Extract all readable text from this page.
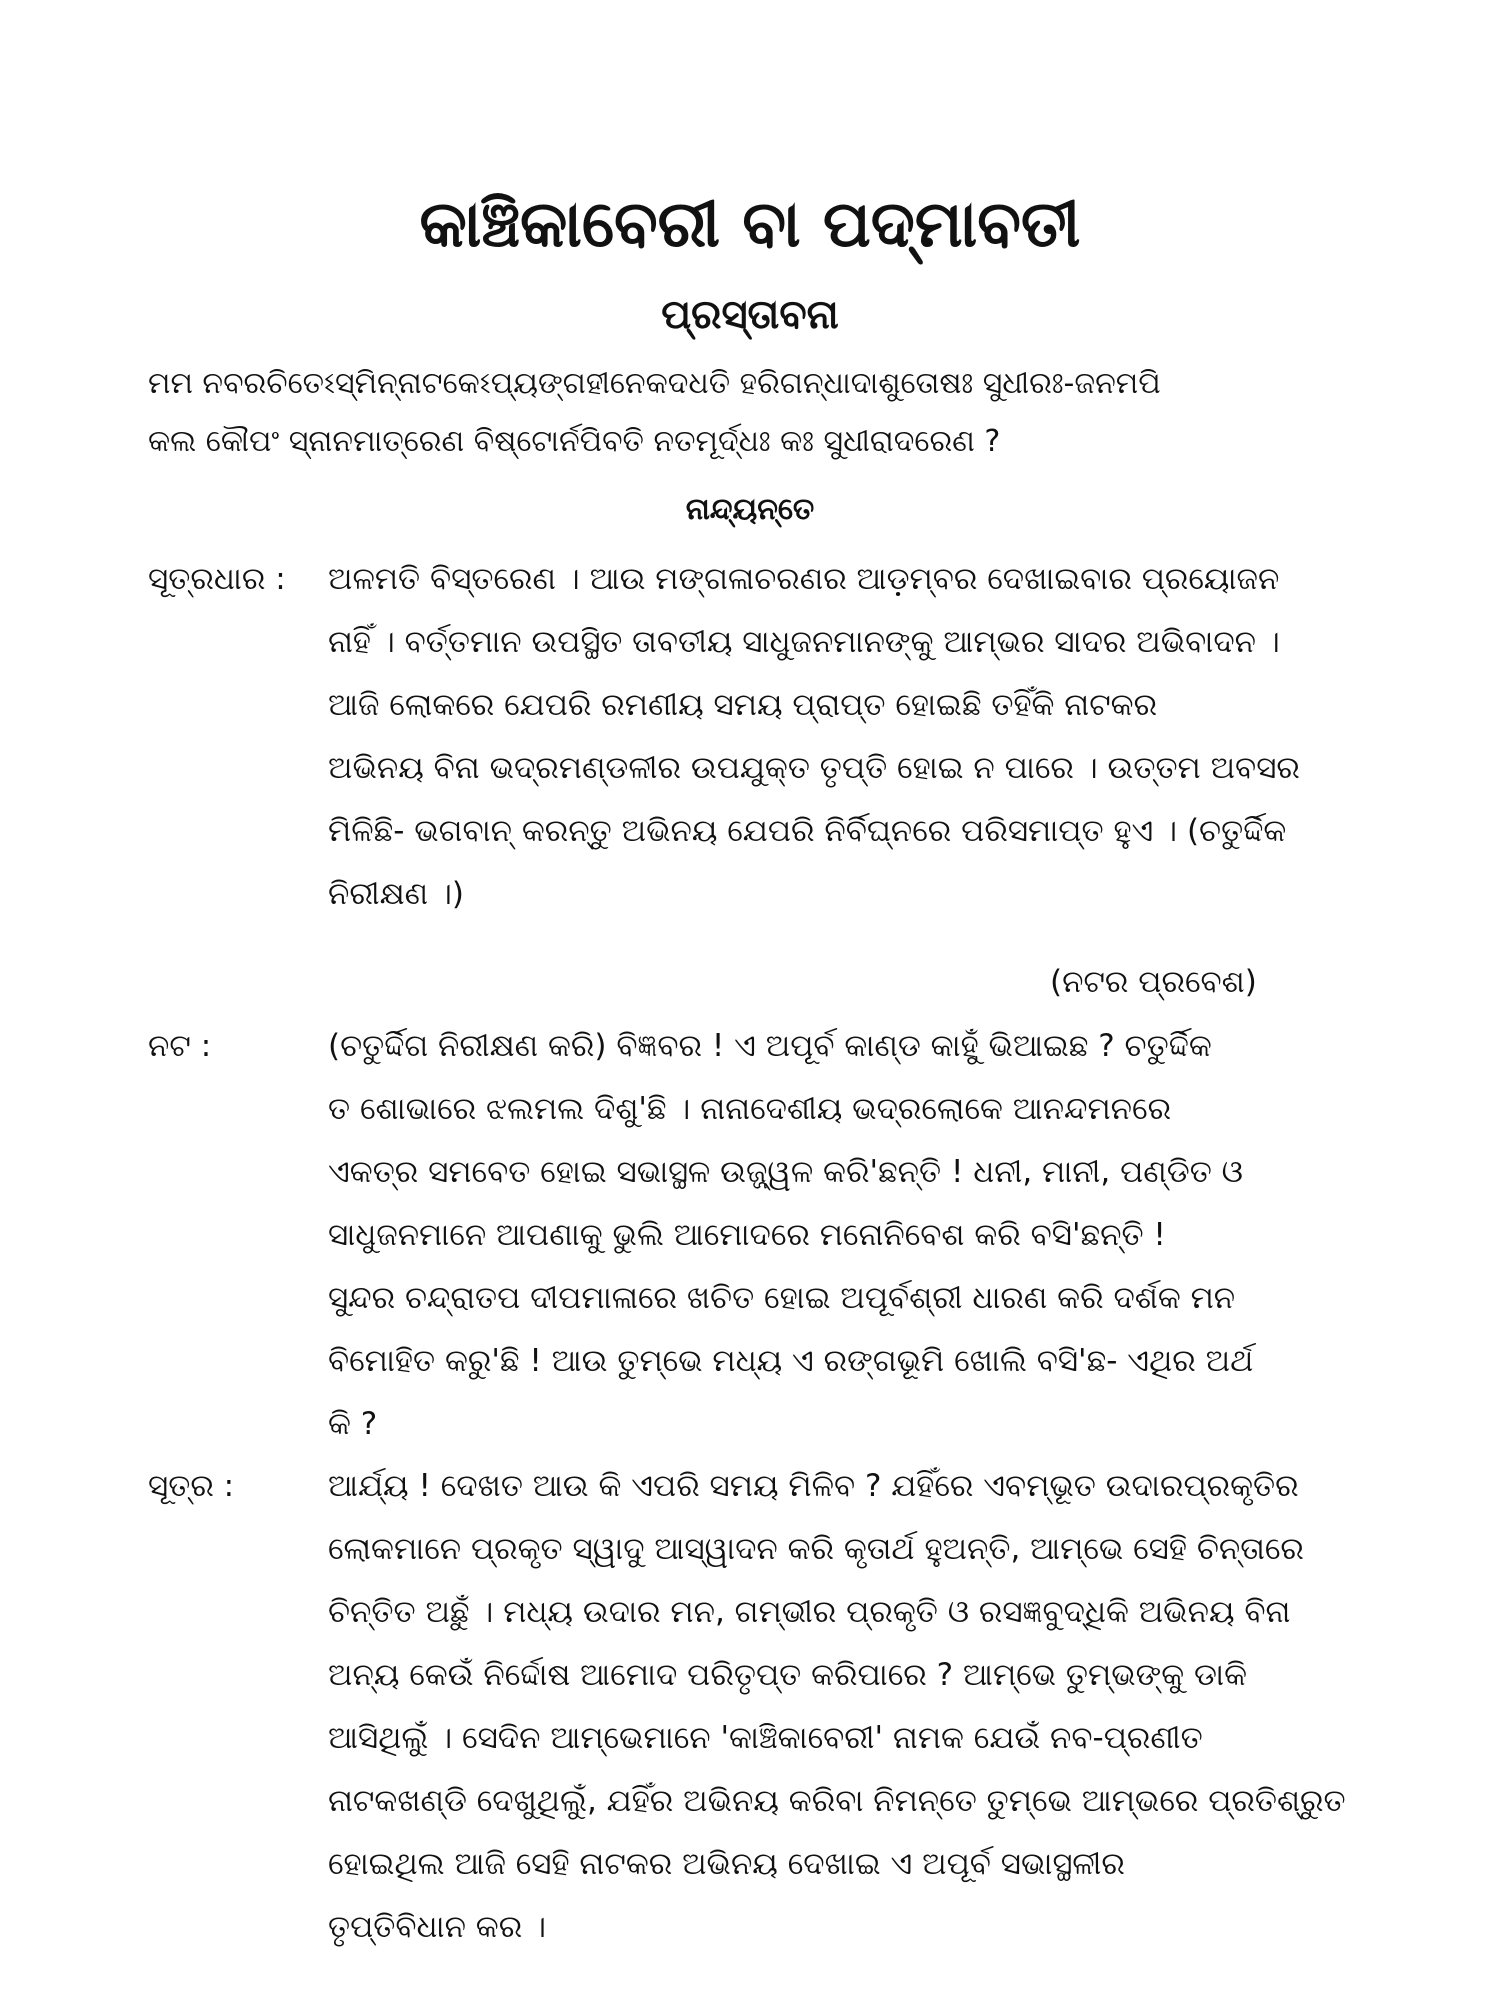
କାଞ୍ଚିକାବେରୀ ବା ପଦ୍ମାବତୀ
ପ୍ରସ୍ତାବନା
ମମ ନବରଚିତେଽସ୍ମିନ୍ନାଟକେଽପ୍ୟଙ୍ଗହୀନେକଦଧତି ହରିଗନ୍ଧାଦାଶୁତୋଷଃ ସୁଧୀରଃ-ଜନମପି
କଲ କୌପଂ ସ୍ନାନମାତ୍ରେଣ ବିଷ୍ଟୋର୍ନପିବତି ନତମୂର୍ଦ୍ଧଃ କଃ ସୁଧୀରାଦରେଣ ?
ନାନ୍ଦ୍ୟନ୍ତେ
ସୂତ୍ରଧାର :	ଅଳମତି ବିସ୍ତରେଣ । ଆଉ ମଙ୍ଗଳାଚରଣର ଆଡ଼ମ୍ବର ଦେଖାଇବାର ପ୍ରୟୋଜନ
ନାହିଁ । ବର୍ତ୍ତମାନ ଉପସ୍ଥିତ ତାବତୀୟ ସାଧୁଜନମାନଙ୍କୁ ଆମ୍ଭର ସାଦର ଅଭିବାଦନ ।
ଆଜି ଲୋକରେ ଯେପରି ରମଣୀୟ ସମୟ ପ୍ରାପ୍ତ ହୋଇଛି ତହିଁକି ନାଟକର
ଅଭିନୟ ବିନା ଭଦ୍ରମଣ୍ଡଳୀର ଉପଯୁକ୍ତ ତୃପ୍ତି ହୋଇ ନ ପାରେ । ଉତ୍ତମ ଅବସର
ମିଳିଛି- ଭଗବାନ୍ କରନ୍ତୁ ଅଭିନୟ ଯେପରି ନିର୍ବିଘ୍ନରେ ପରିସମାପ୍ତ ହୁଏ । (ଚତୁର୍ଦ୍ଦିକ
ନିରୀକ୍ଷଣ ।)
(ନଟର ପ୍ରବେଶ)
ନଟ :	(ଚତୁର୍ଦ୍ଦିଗ ନିରୀକ୍ଷଣ କରି) ବିଜ୍ଞବର ! ଏ ଅପୂର୍ବ କାଣ୍ଡ କାହୁଁ ଭିଆଇଛ ? ଚତୁର୍ଦ୍ଦିକ
ତ ଶୋଭାରେ ଝଲମଲ ଦିଶୁ'ଛି । ନାନାଦେଶୀୟ ଭଦ୍ରଲୋକେ ଆନନ୍ଦମନରେ
ଏକତ୍ର ସମବେତ ହୋଇ ସଭାସ୍ଥଳ ଉଜ୍ଜ୍ୱଳ କରି'ଛନ୍ତି ! ଧନୀ, ମାନୀ, ପଣ୍ଡିତ ଓ
ସାଧୁଜନମାନେ ଆପଣାକୁ ଭୁଲି ଆମୋଦରେ ମନୋନିବେଶ କରି ବସି'ଛନ୍ତି !
ସୁନ୍ଦର ଚନ୍ଦ୍ରାତପ ଦୀପମାଳାରେ ଖଚିତ ହୋଇ ଅପୂର୍ବଶ୍ରୀ ଧାରଣ କରି ଦର୍ଶକ ମନ
ବିମୋହିତ କରୁ'ଛି ! ଆଉ ତୁମ୍ଭେ ମଧ୍ୟ ଏ ରଙ୍ଗଭୂମି ଖୋଲି ବସି'ଛ- ଏଥିର ଅର୍ଥ
କି ?
ସୂତ୍ର :	ଆର୍ଯ୍ୟ ! ଦେଖତ ଆଉ କି ଏପରି ସମୟ ମିଳିବ ? ଯହିଁରେ ଏବମ୍ଭୂତ ଉଦାରପ୍ରକୃତିର
ଲୋକମାନେ ପ୍ରକୃତ ସ୍ୱାଦୁ ଆସ୍ୱାଦନ କରି କୃତାର୍ଥ ହୁଅନ୍ତି, ଆମ୍ଭେ ସେହି ଚିନ୍ତାରେ
ଚିନ୍ତିତ ଅଛୁଁ । ମଧ୍ୟ ଉଦାର ମନ, ଗମ୍ଭୀର ପ୍ରକୃତି ଓ ରସଜ୍ଞବୁଦ୍ଧିକି ଅଭିନୟ ବିନା
ଅନ୍ୟ କେଉଁ ନିର୍ଦ୍ଦୋଷ ଆମୋଦ ପରିତୃପ୍ତ କରିପାରେ ? ଆମ୍ଭେ ତୁମ୍ଭଙ୍କୁ ଡାକି
ଆସିଥିଲୁଁ । ସେଦିନ ଆମ୍ଭେମାନେ 'କାଞ୍ଚିକାବେରୀ' ନାମକ ଯେଉଁ ନବ-ପ୍ରଣୀତ
ନାଟକଖଣ୍ଡି ଦେଖୁଥିଲୁଁ, ଯହିଁର ଅଭିନୟ କରିବା ନିମନ୍ତେ ତୁମ୍ଭେ ଆମ୍ଭରେ ପ୍ରତିଶ୍ରୁତ
ହୋଇଥିଲ ଆଜି ସେହି ନାଟକର ଅଭିନୟ ଦେଖାଇ ଏ ଅପୂର୍ବ ସଭାସ୍ଥଳୀର
ତୃପ୍ତିବିଧାନ କର ।
